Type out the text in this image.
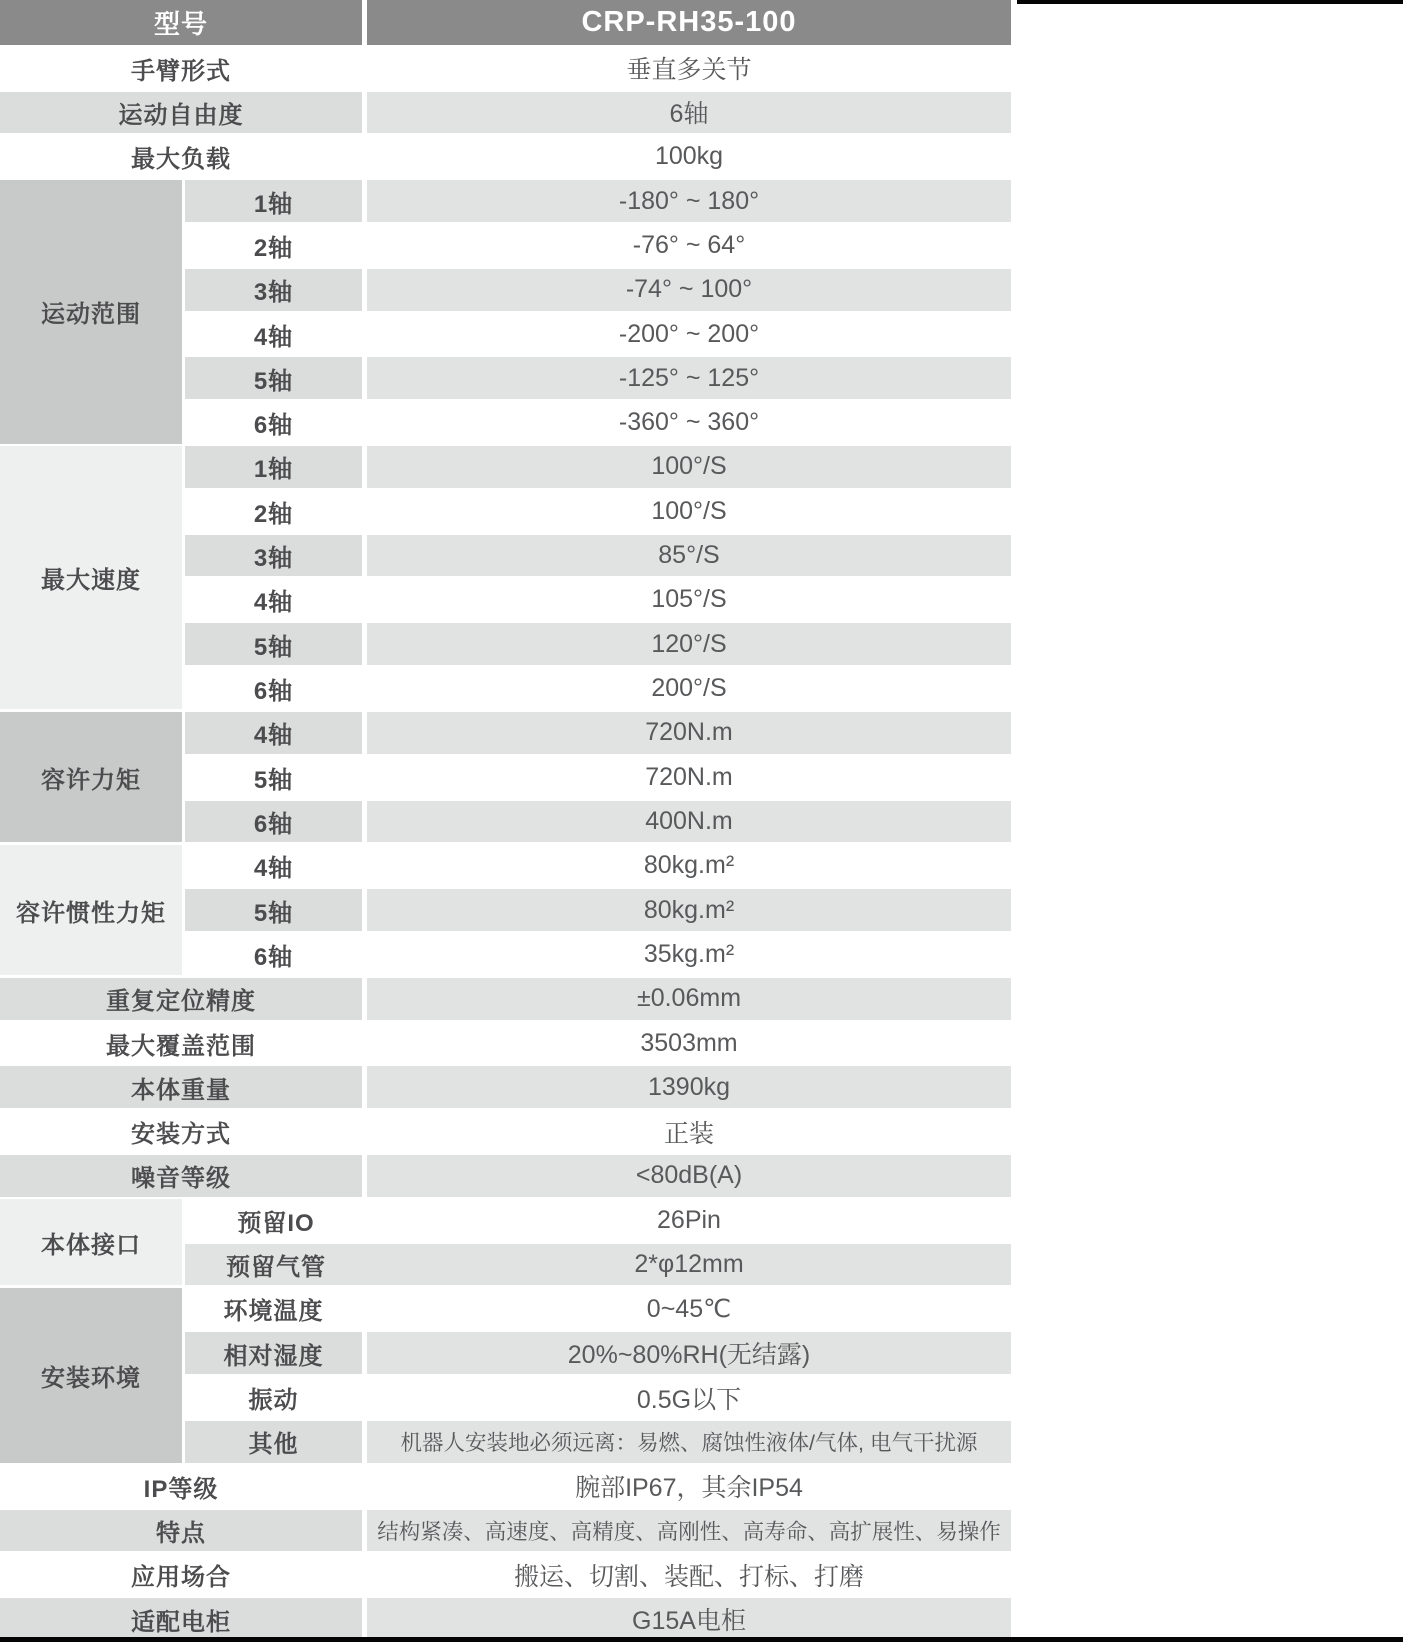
型号	CRP-RH35-100
手臂形式	垂直多关节
运动自由度	6轴
最大负载	100kg
运动范围
1轴	-180° ~ 180°
2轴	-76° ~ 64°
3轴	-74° ~ 100°
4轴	-200° ~ 200°
5轴	-125° ~ 125°
6轴	-360° ~ 360°
最大速度
1轴	100°/S
2轴	100°/S
3轴	85°/S
4轴	105°/S
5轴	120°/S
6轴	200°/S
容许力矩
4轴	720N.m
5轴	720N.m
6轴	400N.m
容许惯性力矩
4轴	80kg.m²
5轴	80kg.m²
6轴	35kg.m²
重复定位精度	±0.06mm
最大覆盖范围	3503mm
本体重量	1390kg
安装方式	正装
噪音等级	<80dB(A)
本体接口
预留IO	26Pin
预留气管	2*φ12mm
安装环境
环境温度	0~45℃
相对湿度	20%~80%RH(无结露)
振动	0.5G以下
其他	机器人安装地必须远离：易燃、腐蚀性液体/气体, 电气干扰源
IP等级	腕部IP67，其余IP54
特点	结构紧凑、高速度、高精度、高刚性、高寿命、高扩展性、易操作
应用场合	搬运、切割、装配、打标、打磨
适配电柜	G15A电柜
